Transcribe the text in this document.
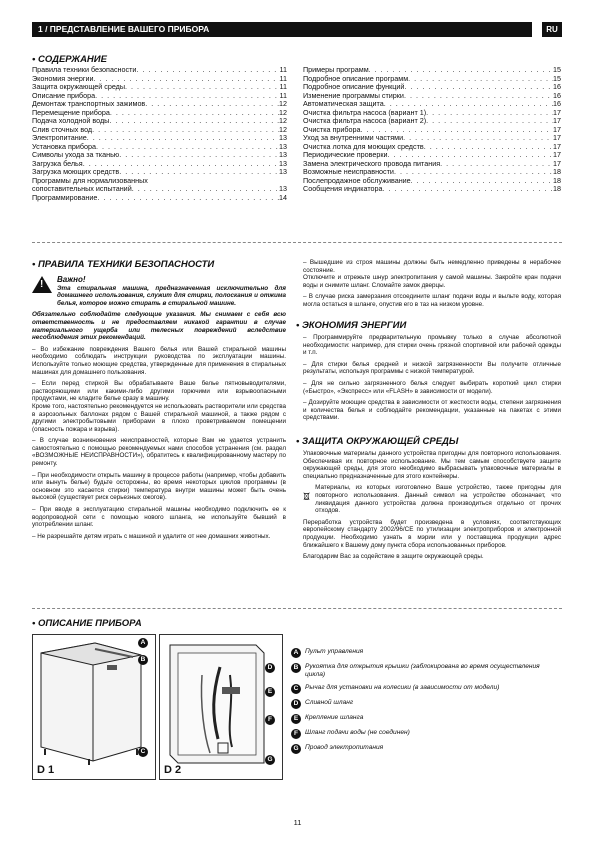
1 / ПРЕДСТАВЛЕНИЕ ВАШЕГО ПРИБОРА	RU
• СОДЕРЖАНИЕ
Правила техники безопасности . . .	11
Экономия энергии . . .	11
Защита окружающей среды . . .	11
Описание прибора . . .	11
Демонтаж транспортных зажимов . . .	12
Перемещение прибора . . .	12
Подача холодной воды . . .	12
Слив сточных вод . . .	12
Электропитание . . .	13
Установка прибора . . .	13
Символы ухода за тканью . . .	13
Загрузка белья . . .	13
Загрузка моющих средств . . .	13
Программы для нормализованных
сопоставительных испытаний . . .	13
Программирование . . .	14
Примеры программ . . .	15
Подробное описание программ . . .	15
Подробное описание функций . . .	16
Изменение программы стирки . . .	16
Автоматическая защита . . .	16
Очистка фильтра насоса (вариант 1) . . .	17
Очистка фильтра насоса (вариант 2) . . .	17
Очистка прибора . . .	17
Уход за внутренними частями . . .	17
Очистка лотка для моющих средств . . .	17
Периодические проверки . . .	17
Замена электрического провода питания . . .	17
Возможные неисправности . . .	18
Послепродажное обслуживание . . .	18
Сообщения индикатора . . .	18
• ПРАВИЛА ТЕХНИКИ БЕЗОПАСНОСТИ
! Важно!
Эта стиральная машина, предназначенная исключительно для домашнего использования, служит для стирки, полоскания и отжима белья, которое можно стирать в стиральной машине.

Обязательно соблюдайте следующие указания. Мы снимаем с себя всю ответственность и не предоставляем никакой гарантии в случае материального ущерба или телесных повреждений вследствие несоблюдения этих рекомендаций.

– Во избежание повреждения Вашего белья или Вашей стиральной машины необходимо соблюдать инструкции руководства по эксплуатации машины. Используйте только моющие средства, утвержденные для применения в стиральных машинах для домашнего пользования.

– Если перед стиркой Вы обрабатываете Ваше белье пятновыводителями, растворяющими или какими-либо другими горючими или взрывоопасными продуктами, не кладите белье сразу в машину.

Кроме того, настоятельно рекомендуется не использовать растворители или средства в аэрозольных баллонах рядом с Вашей стиральной машиной, а также рядом с другими электробытовыми приборами в плохо проветриваемом помещении (опасность пожара и взрыва).

– В случае возникновения неисправностей, которые Вам не удается устранить самостоятельно с помощью рекомендуемых нами способов устранения (см. раздел «ВОЗМОЖНЫЕ НЕИСПРАВНОСТИ»), обратитесь к квалифицированному мастеру по ремонту.

– При необходимости открыть машину в процессе работы (например, чтобы добавить или вынуть белье) будьте осторожны, во время некоторых циклов программы (в основном это касается стирки) температура внутри машины может быть очень высокой (существует риск серьезных ожогов).

– При вводе в эксплуатацию стиральной машины необходимо подключить ее к водопроводной сети с помощью нового шланга, не используйте бывший в употреблении шланг.

– Не разрешайте детям играть с машиной и удалите от нее домашних животных.

– Вышедшие из строя машины должны быть немедленно приведены в нерабочее состояние.

Отключите и отрежьте шнур электропитания у самой машины. Закройте кран подачи воды и снимите шланг. Сломайте замок дверцы.

– В случае риска замерзания отсоедините шланг подачи воды и выльте воду, которая могла остаться в шланге, опустив его в таз на низком уровне.

• ЭКОНОМИЯ ЭНЕРГИИ

– Программируйте предварительную промывку только в случае абсолютной необходимости: например, для стирки очень грязной спортивной или рабочей одежды и т.п.

– Для стирки белья средней и низкой загрязненности Вы получите отличные результаты, используя программы с низкой температурой.

– Для не сильно загрязненного белья следует выбирать короткий цикл стирки («Быстро», «Экспресс» или «FLASH» в зависимости от модели).

– Дозируйте моющие средства в зависимости от жесткости воды, степени загрязнения и количества белья и соблюдайте рекомендации, указанные на пакетах с этими средствами.

• ЗАЩИТА ОКРУЖАЮЩЕЙ СРЕДЫ

Упаковочные материалы данного устройства пригодны для повторного использования. Обеспечивая их повторное использование. Мы тем самым способствуете защите окружающей среды, для этого необходимо выбрасывать упаковочные материалы в специально предназначенные для этого контейнеры.

Материалы, из которых изготовлено Ваше устройство, также пригодны для повторного использования. Данный символ на устройстве обозначает, что ликвидация данного устройства должна производиться отдельно от прочих отходов.

Переработка устройства будет произведена в условиях, соответствующих европейскому стандарту 2002/96/CE по утилизации электроприборов и электронной продукции. Необходимо узнать в мэрии или у поставщика продукции адрес ближайшего к Вашему дому пункта сбора использованных приборов.

Благодарим Вас за содействие в защите окружающей среды.

• ОПИСАНИЕ ПРИБОРА
D 1
A
B
C
D 2
D
E
F
G
A	Пульт управления
B	Рукоятка для открытия крышки (заблокирована во время осуществления цикла)
C	Рычаг для установки на колесики (в зависимости от модели)
D	Сливной шланг
E	Крепление шланга
F	Шланг подачи воды (не соединен)
G Провод электропитания
11
